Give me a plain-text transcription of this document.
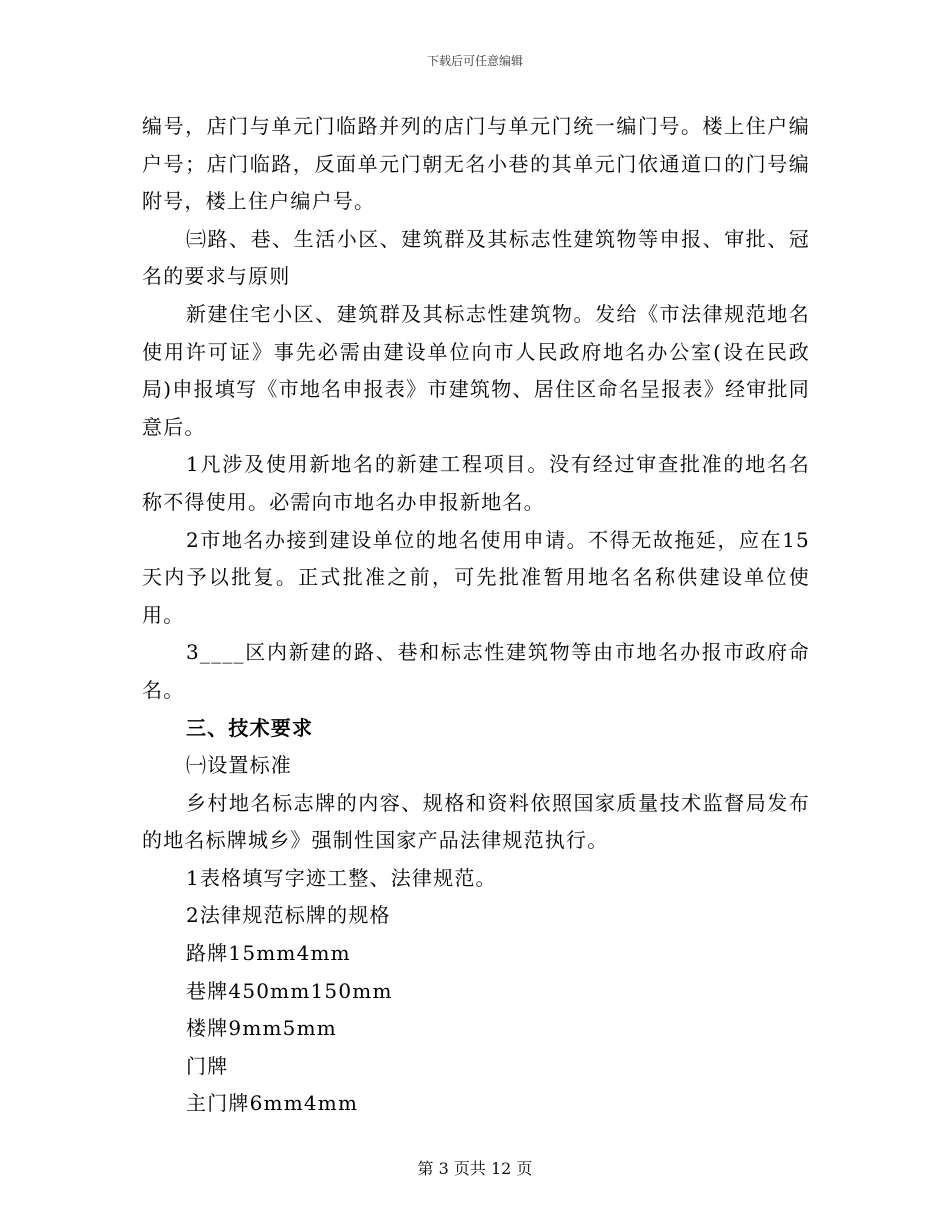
下载后可任意编辑

编号，店门与单元门临路并列的店门与单元门统一编门号。楼上住户编户号；店门临路，反面单元门朝无名小巷的其单元门依通道口的门号编附号，楼上住户编户号。

㈢路、巷、生活小区、建筑群及其标志性建筑物等申报、审批、冠名的要求与原则

新建住宅小区、建筑群及其标志性建筑物。发给《市法律规范地名使用许可证》事先必需由建设单位向市人民政府地名办公室(设在民政局)申报填写《市地名申报表》市建筑物、居住区命名呈报表》经审批同意后。

1凡涉及使用新地名的新建工程项目。没有经过审查批准的地名名称不得使用。必需向市地名办申报新地名。

2市地名办接到建设单位的地名使用申请。不得无故拖延，应在15天内予以批复。正式批准之前，可先批准暂用地名名称供建设单位使用。

3____区内新建的路、巷和标志性建筑物等由市地名办报市政府命名。

三、技术要求

㈠设置标准

乡村地名标志牌的内容、规格和资料依照国家质量技术监督局发布的地名标牌城乡》强制性国家产品法律规范执行。

1表格填写字迹工整、法律规范。

2法律规范标牌的规格

路牌15mm4mm

巷牌450mm150mm

楼牌9mm5mm

门牌

主门牌6mm4mm

第 3 页共 12 页
